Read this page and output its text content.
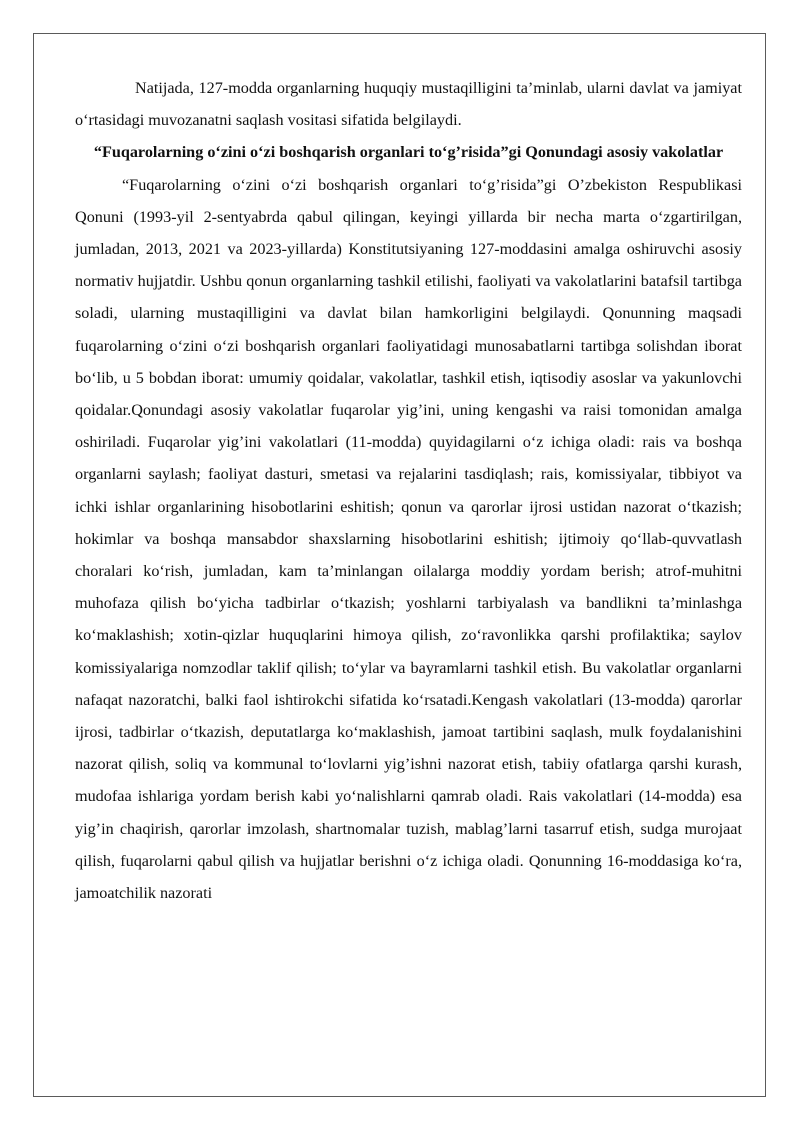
Natijada, 127-modda organlarning huquqiy mustaqilligini ta’minlab, ularni davlat va jamiyat o‘rtasidagi muvozanatni saqlash vositasi sifatida belgilaydi.

“Fuqarolarning o‘zini o‘zi boshqarish organlari to‘g’risida”gi Qonundagi asosiy vakolatlar

“Fuqarolarning o‘zini o‘zi boshqarish organlari to‘g’risida”gi O’zbekiston Respublikasi Qonuni (1993-yil 2-sentyabrda qabul qilingan, keyingi yillarda bir necha marta o‘zgartirilgan, jumladan, 2013, 2021 va 2023-yillarda) Konstitutsiyaning 127-moddasini amalga oshiruvchi asosiy normativ hujjatdir. Ushbu qonun organlarning tashkil etilishi, faoliyati va vakolatlarini batafsil tartibga soladi, ularning mustaqilligini va davlat bilan hamkorligini belgilaydi. Qonunning maqsadi fuqarolarning o‘zini o‘zi boshqarish organlari faoliyatidagi munosabatlarni tartibga solishdan iborat bo‘lib, u 5 bobdan iborat: umumiy qoidalar, vakolatlar, tashkil etish, iqtisodiy asoslar va yakunlovchi qoidalar.Qonundagi asosiy vakolatlar fuqarolar yig’ini, uning kengashi va raisi tomonidan amalga oshiriladi. Fuqarolar yig’ini vakolatlari (11-modda) quyidagilarni o‘z ichiga oladi: rais va boshqa organlarni saylash; faoliyat dasturi, smetasi va rejalarini tasdiqlash; rais, komissiyalar, tibbiyot va ichki ishlar organlarining hisobotlarini eshitish; qonun va qarorlar ijrosi ustidan nazorat o‘tkazish; hokimlar va boshqa mansabdor shaxslarning hisobotlarini eshitish; ijtimoiy qo‘llab-quvvatlash choralari ko‘rish, jumladan, kam ta’minlangan oilalarga moddiy yordam berish; atrof-muhitni muhofaza qilish bo‘yicha tadbirlar o‘tkazish; yoshlarni tarbiyalash va bandlikni ta’minlashga ko‘maklashish; xotin-qizlar huquqlarini himoya qilish, zo‘ravonlikka qarshi profilaktika; saylov komissiyalariga nomzodlar taklif qilish; to‘ylar va bayramlarni tashkil etish. Bu vakolatlar organlarni nafaqat nazoratchi, balki faol ishtirokchi sifatida ko‘rsatadi.Kengash vakolatlari (13-modda) qarorlar ijrosi, tadbirlar o‘tkazish, deputatlarga ko‘maklashish, jamoat tartibini saqlash, mulk foydalanishini nazorat qilish, soliq va kommunal to‘lovlarni yig’ishni nazorat etish, tabiiy ofatlarga qarshi kurash, mudofaa ishlariga yordam berish kabi yo‘nalishlarni qamrab oladi. Rais vakolatlari (14-modda) esa yig’in chaqirish, qarorlar imzolash, shartnomalar tuzish, mablag’larni tasarruf etish, sudga murojaat qilish, fuqarolarni qabul qilish va hujjatlar berishni o‘z ichiga oladi. Qonunning 16-moddasiga ko‘ra, jamoatchilik nazorati
